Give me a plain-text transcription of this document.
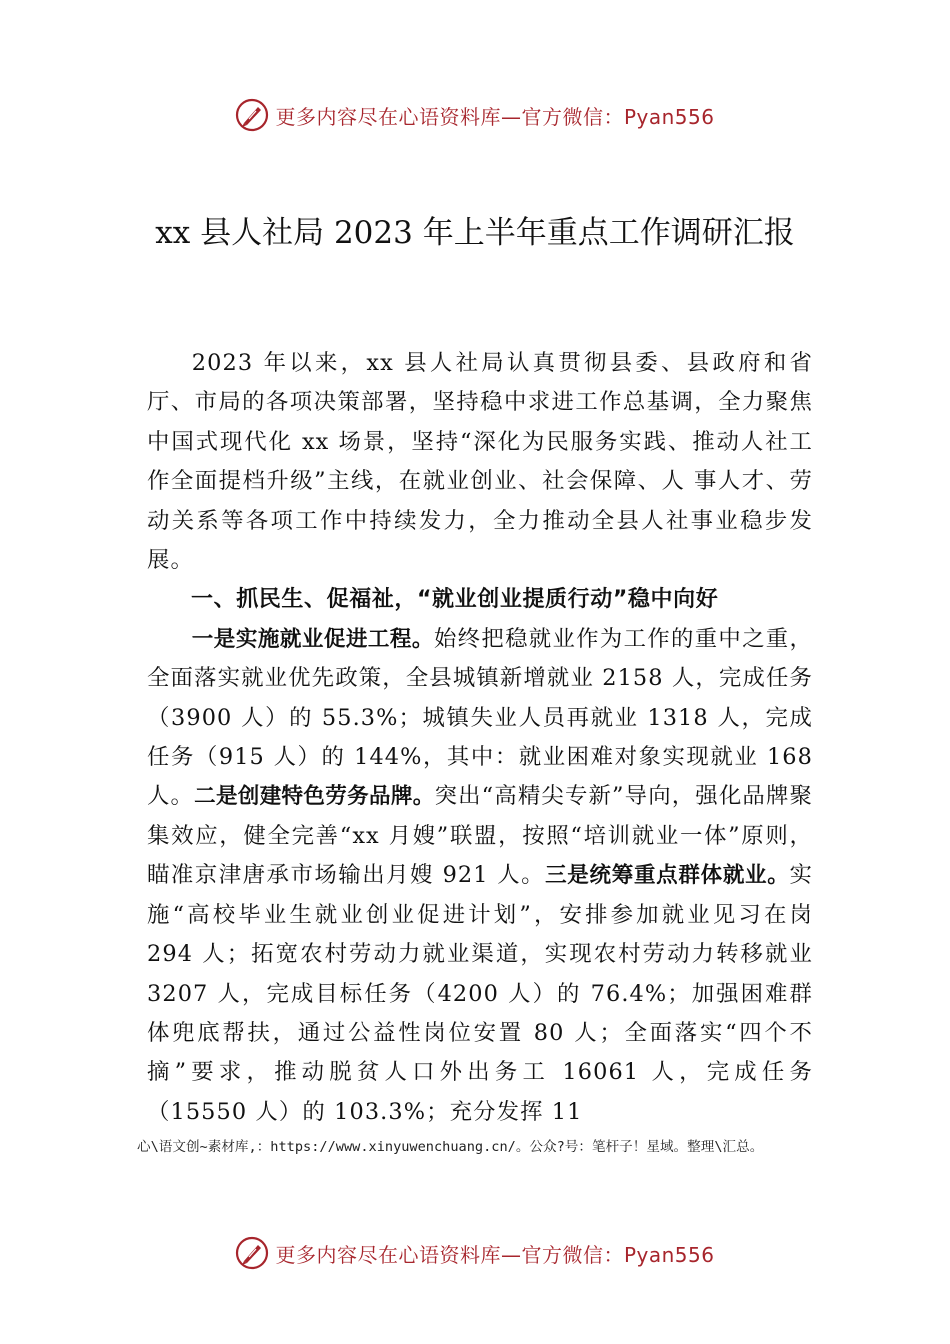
更多内容尽在心语资料库—官方微信：Pyan556
xx 县人社局 2023 年上半年重点工作调研汇报

2023 年以来，xx 县人社局认真贯彻县委、县政府和省厅、市局的各项决策部署，坚持稳中求进工作总基调，全力聚焦中国式现代化 xx 场景，坚持“深化为民服务实践、推动人社工作全面提档升级”主线，在就业创业、社会保障、人 事人才、劳动关系等各项工作中持续发力，全力推动全县人社事业稳步发展。

一、抓民生、促福祉，“就业创业提质行动”稳中向好

一是实施就业促进工程。始终把稳就业作为工作的重中之重，全面落实就业优先政策，全县城镇新增就业 2158 人，完成任务（3900 人）的 55.3%；城镇失业人员再就业 1318 人，完成任务（915 人）的 144%，其中：就业困难对象实现就业 168 人。二是创建特色劳务品牌。突出“高精尖专新”导向，强化品牌聚集效应，健全完善“xx 月嫂”联盟，按照“培训就业一体”原则，瞄准京津唐承市场输出月嫂 921 人。三是统筹重点群体就业。实施“高校毕业生就业创业促进计划”，安排参加就业见习在岗 294 人；拓宽农村劳动力就业渠道，实现农村劳动力转移就业 3207 人，完成目标任务（4200 人）的 76.4%；加强困难群体兜底帮扶，通过公益性岗位安置 80 人；全面落实“四个不摘”要求，推动脱贫人口外出务工 16061 人，完成任务（15550 人）的 103.3%；充分发挥 11

心\语文创~素材库,：https://www.xinyuwenchuang.cn/。公众?号：笔杆子！星域。整理\汇总。
更多内容尽在心语资料库—官方微信：Pyan556
